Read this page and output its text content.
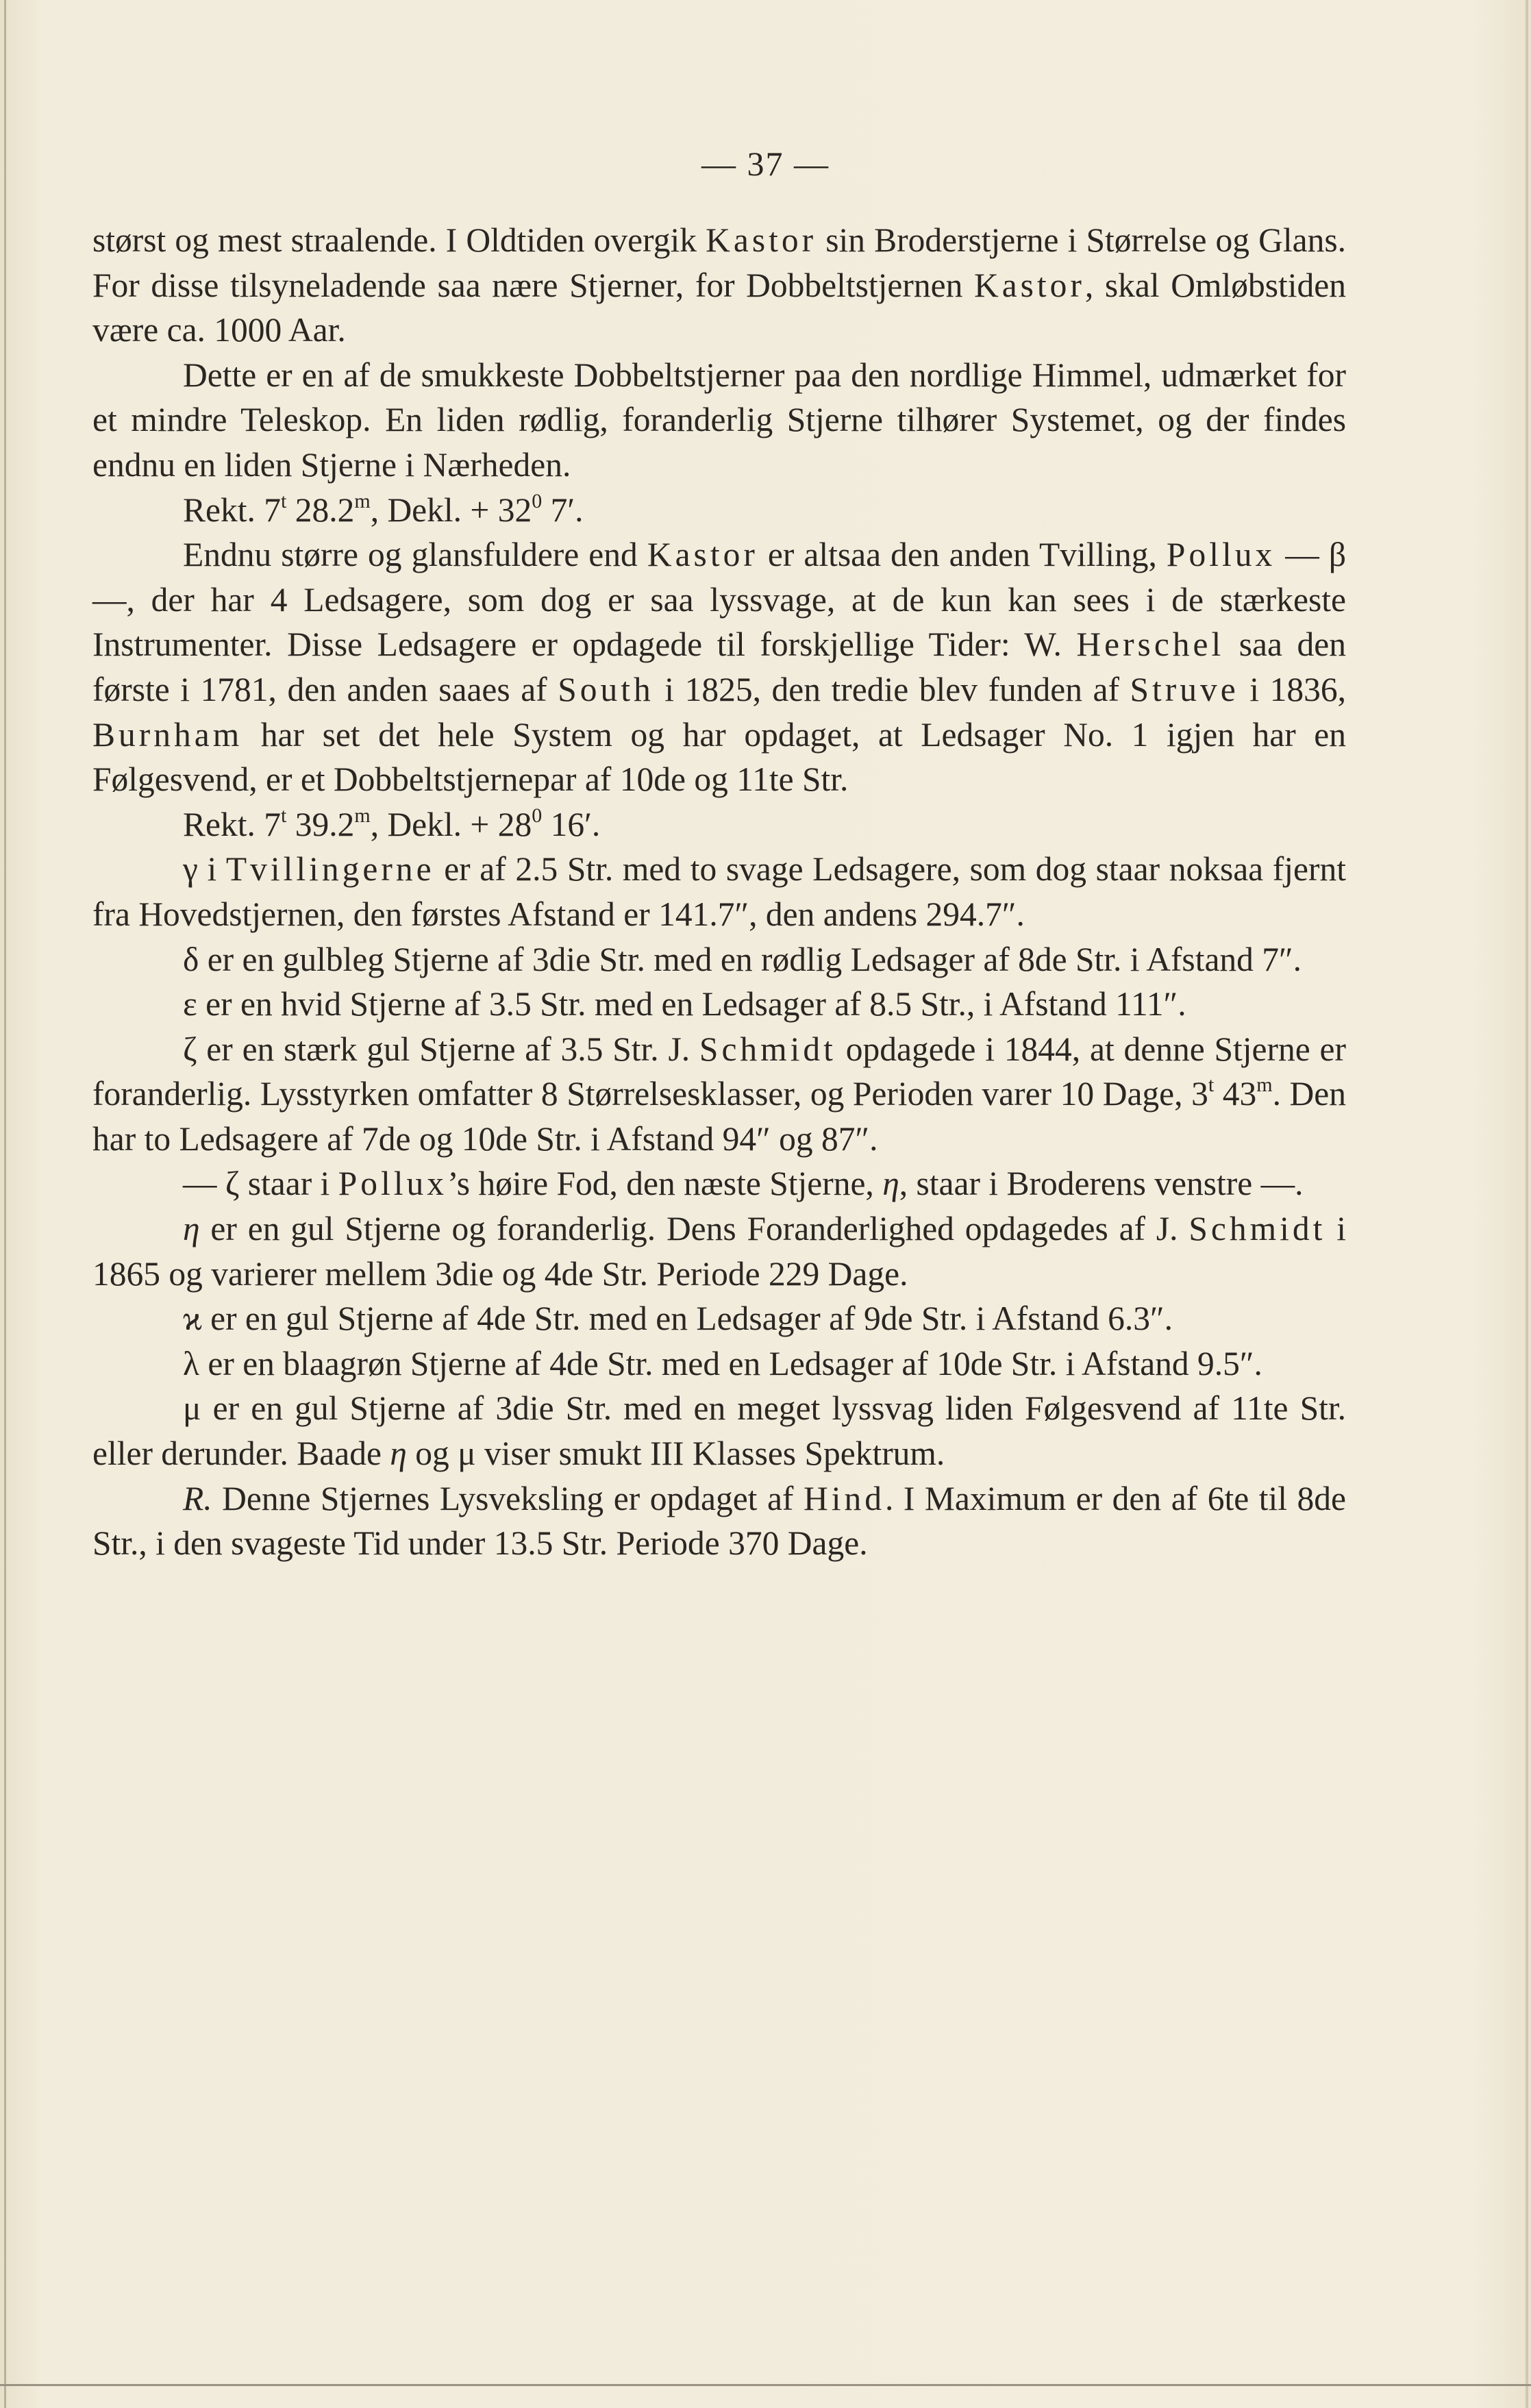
— 37 —

størst og mest straalende. I Oldtiden overgik Kastor sin Broderstjerne i Størrelse og Glans. For disse tilsyneladende saa nære Stjerner, for Dobbeltstjernen Kastor, skal Omløbstiden være ca. 1000 Aar.

Dette er en af de smukkeste Dobbeltstjerner paa den nordlige Himmel, udmærket for et mindre Teleskop. En liden rødlig, foranderlig Stjerne tilhører Systemet, og der findes endnu en liden Stjerne i Nærheden.

Rekt. 7$^t$ 28.2$^m$, Dekl. + $32^0$ 7′.

Endnu større og glansfuldere end Kastor er altsaa den anden Tvilling, Pollux — β —, der har 4 Ledsagere, som dog er saa lyssvage, at de kun kan sees i de stærkeste Instrumenter. Disse Ledsagere er opdagede til forskjellige Tider: W. Herschel saa den første i 1781, den anden saaes af South i 1825, den tredie blev funden af Struve i 1836, Burnham har set det hele System og har opdaget, at Ledsager No. 1 igjen har en Følgesvend, er et Dobbeltstjernepar af 10de og 11te Str.

Rekt. 7$^t$ 39.2$^m$, Dekl. + $28^0$ 16′.

γ i Tvillingerne er af 2.5 Str. med to svage Ledsagere, som dog staar noksaa fjernt fra Hovedstjernen, den førstes Afstand er 141.7″, den andens 294.7″.

δ er en gulbleg Stjerne af 3die Str. med en rødlig Ledsager af 8de Str. i Afstand 7″.

ε er en hvid Stjerne af 3.5 Str. med en Ledsager af 8.5 Str., i Afstand 111″.

ζ er en stærk gul Stjerne af 3.5 Str. J. Schmidt opdagede i 1844, at denne Stjerne er foranderlig. Lysstyrken omfatter 8 Størrelsesklasser, og Perioden varer 10 Dage, 3$^t$ 43$^m$. Den har to Ledsagere af 7de og 10de Str. i Afstand 94″ og 87″.

— ζ staar i Pollux’s høire Fod, den næste Stjerne, η, staar i Broderens venstre —.

η er en gul Stjerne og foranderlig. Dens Foranderlighed opdagedes af J. Schmidt i 1865 og varierer mellem 3die og 4de Str. Periode 229 Dage.

ϰ er en gul Stjerne af 4de Str. med en Ledsager af 9de Str. i Afstand 6.3″.

λ er en blaagrøn Stjerne af 4de Str. med en Ledsager af 10de Str. i Afstand 9.5″.

μ er en gul Stjerne af 3die Str. med en meget lyssvag liden Følgesvend af 11te Str. eller derunder. Baade η og μ viser smukt III Klasses Spektrum.

R. Denne Stjernes Lysveksling er opdaget af Hind. I Maximum er den af 6te til 8de Str., i den svageste Tid under 13.5 Str. Periode 370 Dage.
